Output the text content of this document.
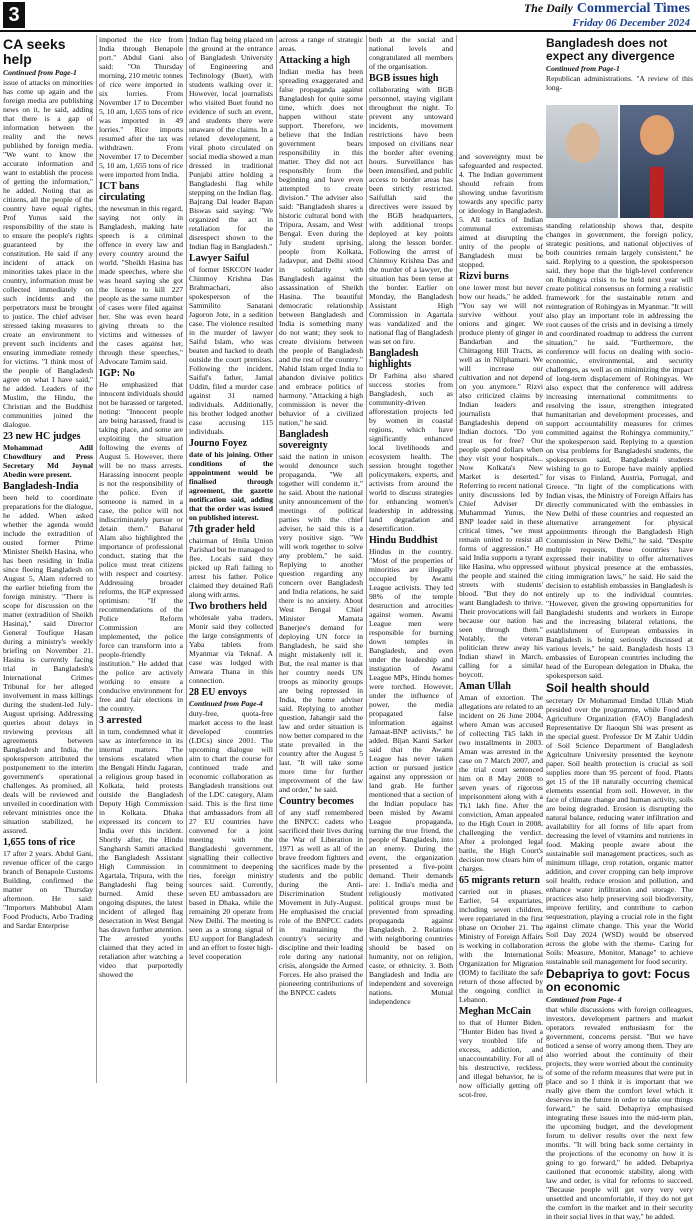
3	The Daily Commercial Times
Friday 06 December 2024
CA seeks help

Continued from Page-1

issue of attacks on minorities has come up again and the foreign media are publishing news on it, he said, adding that there is a gap of information between the reality and the news published by foreign media. "We want to know the accurate information and want to establish the process of getting the information," he added. Noting that as citizens, all the people of the country have equal rights, Prof Yunus said the responsibility of the state is to ensure the people's rights guaranteed by the constitution. He said if any incident of attack on minorities takes place in the country, information must be collected immediately on such incidents and the perpetrators must be brought to justice. The chief adviser stressed taking measures to create an environment to prevent such incidents and ensuring immediate remedy for victims. "I think most of the people of Bangladesh agree on what I have said," he added. Leaders of the Muslim, the Hindu, the Christian and the Buddhist communities joined the dialogue.

23 new HC judges

Mohammad Adil Chowdhury and Press Secretary Md Joynal Abedin were present.

Bangladesh-India

been held to coordinate preparations for the dialogue, he added. When asked whether the agenda would include the extradition of ousted former Prime Minister Sheikh Hasina, who has been residing in India since fleeing Bangladesh on August 5, Alam referred to the earlier briefing from the foreign ministry. "There is scope for discussion on the matter (extradition of Sheikh Hasina)," said Director General Toufique Hasan during a ministry's weekly briefing on November 21. Hasina is currently facing trial in Bangladesh's International Crimes Tribunal for her alleged involvement in mass killings during the student-led July-August uprising. Addressing queries about delays in reviewing previous all agreements between Bangladesh and India, the spokesperson attributed the postponement to the interim government's operational challenges. As promised, all deals will be reviewed and unveiled in coordination with relevant ministries once the situation stabilized, he assured.

1,655 tons of rice

17 after 2 years. Abdul Gani, revenue officer of the cargo branch of Benapole Customs Building, confirmed the matter on Thursday afternoon. He said: "Importers Mahbubul Alam Food Products, Arbo Trading and Sardar Enterprise

imported the rice from India through Benapole port." Abdul Gani also said: "On Thursday morning, 210 metric tonnes of rice were imported in six lorries. From November 17 to December 5, 10 am, 1,655 tons of rice was imported in 49 lorries." Rice imports resumed after the tax was withdrawn. From November 17 to December 5, 10 am, 1,655 tons of rice were imported from India.

ICT bans circulating

the newsman in this regard, saying not only in Bangladesh, making hate speech is a criminal offence in every law and every country around the world. "Sheikh Hasina has made speeches, where she was heard saying she got the license to kill 227 people as the same number of cases were filed against her. She was even heard giving threats to the victims and witnesses of the cases against her, through these speeches," Advocate Tamim said.

IGP: No

He emphasized that innocent individuals should not be harassed or targeted, noting: "Innocent people are being harassed, fraud is taking place, and some are exploiting the situation following the events of August 5. However, there will be no mass arrests. Harassing innocent people is not the responsibility of the police. Even if someone is named in a case, the police will not indiscriminately pursue or detain them." Baharul Alam also highlighted the importance of professional conduct, stating that the police must treat citizens with respect and courtesy. Addressing broader reforms, the IGP expressed optimism: "If the recommendations of the Police Reform Commission are implemented, the police force can transform into a people-friendly institution." He added that the police are actively working to ensure a conducive environment for free and fair elections in the country.

3 arrested

in turn, condemned what it saw as interference in its internal matters. The tensions escalated when the Bengali Hindu Jagaran, a religious group based in Kolkata, held protests outside the Bangladesh Deputy High Commission in Kolkata. Dhaka expressed its concern to India over this incident. Shortly after, the Hindu Sangharsh Samiti attacked the Bangladesh Assistant High Commission in Agartala, Tripura, with the Bangladeshi flag being burned. Amid these ongoing disputes, the latest incident of alleged flag desecration in West Bengal has drawn further attention. The arrested youths claimed that they acted in retaliation after watching a video that purportedly showed the

Indian flag being placed on the ground at the entrance of Bangladesh University of Engineering and Technology (Buet), with students walking over it. However, local journalists who visited Buet found no evidence of such an event, and students there were unaware of the claims. In a related development, a viral photo circulated on social media showed a man dressed in traditional Punjabi attire holding a Bangladeshi flag while stepping on the Indian flag. Bajrang Dal leader Bapan Biswas said saying: "We organized the act in retaliation for the disrespect shown to the Indian flag in Bangladesh."

Lawyer Saiful

of former ISKCON leader Chinmoy Krishna Das Brahmachari, also spokesperson of the Sammilito Sanatani Jagoron Jote, in a sedition case. The violence resulted in the murder of lawyer Saiful Islam, who was beaten and hacked to death outside the court premises. Following the incident, Saiful's father, Jamal Uddin, filed a murder case against 31 named individuals. Additionally, his brother lodged another case accusing 115 individuals.

Journo Foyez

date of his joining. Other conditions of the appointment would be finalised through agreement, the gazette notification said, adding that the order was issued on published interest.

7th grader held

chairman of Hnila Union Parishad but he managed to flee. Locals said they picked up Rafi failing to arrest his father. Police claimed they detained Rafi along with arms.

Two brothers held

wholesale yaba traders, Monir said they collected the large consignments of Yaba tablets from Myanmar via Teknaf. A case was lodged with Anwara Thana in this connection.

28 EU envoys

Continued from Page-4

duty-free, quota-free market access to the least developed countries (LDCs) since 2001. The upcoming dialogue will aim to chart the course for continued trade and economic collaboration as Bangladesh transitions out of the LDC category, Alam said. This is the first time that ambassadors from all 27 EU countries have convened for a joint meeting with the Bangladeshi government, signalling their collective commitment to deepening ties, foreign ministry sources said. Currently, seven EU ambassadors are based in Dhaka, while the remaining 20 operate from New Delhi. The meeting is seen as a strong signal of EU support for Bangladesh and an effort to foster high-level cooperation

across a range of strategic areas.

Attacking a high

Indian media has been spreading exaggerated and false propaganda against Bangladesh for quite some time, which does not happen without state support. Therefore, we believe that the Indian government bears responsibility in this matter. They did not act responsibly from the beginning and have even attempted to create division." The adviser also said: "Bangladesh shares a historic cultural bond with Tripura, Assam, and West Bengal. Even during the July student uprising, people from Kolkata, Jadavpur, and Delhi stood in solidarity with Bangladesh against the assassination of Sheikh Hasina. The beautiful democratic relationship between Bangladesh and India is something many do not want; they seek to create divisions between the people of Bangladesh and the rest of the country." Nahid Islam urged India to abandon divisive politics and embrace politics of harmony. "Attacking a high commission is never the behavior of a civilized nation," he said.

Bangladesh sovereignty

said the nation in unison would denounce such propaganda. "We all together will condemn it," he said. About the national unity announcement of the meetings of political parties with the chief adviser, he said this is a very positive sign. "We will work together to solve any problem," he said. Replying to another question regarding any concern over Bangladesh and India relations, he said there is no anxiety. About West Bengal Chief Minister Mamata Banerjee's demand for deploying UN force in Bangladesh, he said she might mistakenly tell it. But, the real matter is that her country needs UN troops as minority groups are being repressed in India, the home adviser said. Replying to another question, Jahangir said the law and order situation is now better compared to the state prevailed in the country after the August 5 last. "It will take some more time for further improvement of the law and order," he said.

Country becomes

of any staff remembered the BNPCC cadets who sacrificed their lives during the War of Liberation in 1971 as well as all of the brave freedom fighters and the sacrifices made by the students and the public during the Anti-Discrimination Student Movement in July-August. He emphasised the crucial role of the BNPCC cadets in maintaining the country's security and discipline and their leading role during any national crisis, alongside the Armed Forces. He also praised the pioneering contributions of the BNPCC cadets

both at the social and national levels and congratulated all members of the organisation.

BGB issues high

collaborating with BGB personnel, staying vigilant throughout the night. To prevent any untoward incidents, movement restrictions have been imposed on civilians near the border after evening hours. Surveillance has been intensified, and public access to border areas has been strictly restricted. Saifullah said the directives were issued by the BGB headquarters, with additional troops deployed at key points along the lesson border. Following the arrest of Chinmoy Krishna Das and the murder of a lawyer, the situation has been tense at the border. Earlier on Monday, the Bangladesh Assistant High Commission in Agartala was vandalized and the national flag of Bangladesh was set on fire.

Bangladesh highlights

Dr Farhina also shared success stories from Bangladesh, such as community-driven afforestation projects led by women in coastal regions, which have significantly enhanced local livelihoods and ecosystem health. The session brought together policymakers, experts, and activists from around the world to discuss strategies for enhancing women's leadership in addressing land degradation and desertification.

Hindu Buddhist

Hindus in the country. "Most of the properties of minorities are illegally occupied by Awami League activists. They led 98% of the temple destruction and atrocities against women. Awami League men were responsible for burning down temples in Bangladesh, and even under the leadership and instigation of Awami League MPs, Hindu homes were torched. However, under the influence of power, the media propagated false information against Jamaat-BNP activists," he added. Bijan Kanti Sarker said that the Awami League has never taken action or pursued justice against any oppression or land grab. He further mentioned that a section of the Indian populace has been misled by Awami League propaganda, turning the true friend, the people of Bangladesh, into an enemy. During the event, the organization presented a five-point demand. Their demands are: 1. India's media and religiously motivated political groups must be prevented from spreading propaganda against Bangladesh. 2. Relations with neighboring countries should be based on humanity, not on religion, caste, or ethnicity. 3. Both Bangladesh and India are independent and sovereign nations. Mutual independence

and sovereignty must be safeguarded and respected. 4. The Indian government should refrain from showing undue favoritism towards any specific party or ideology in Bangladesh. 5. All tactics of Indian communal extremists aimed at disrupting the unity of the people of Bangladesh must be stopped.

Rizvi burns

one lower most but never bow our heads," he added. "You say we will not survive without your onions and ginger. We produce plenty of ginger in Bandarban and the Chittagong Hill Tracts, as well as in Nilphamari. We will increase our cultivation and not depend on you anymore." Rizvi also criticized claims by Indian leaders and journalists that Bangladeshis depend on Indian doctors. "Do you treat us for free? Our people spend dollars when they visit your hospitals... Now Kolkata's New Market is deserted." Referring to recent national unity discussions led by Chief Adviser Dr Muhammad Yunus, the BNP leader said in these critical times, "we must remain united to resist all forms of aggression." He said India supports a tyrant like Hasina, who oppressed the people and stained the streets with students' blood. "But they do not want Bangladesh to thrive. Their provocations will fail because our nation has seen through them." Notably, the veteran politician threw away his Indian shawl in March, calling for a similar boycott.

Aman Ullah

Aman of extortion. The allegations are related to an incident on 26 June 2004, where Aman was accused of collecting Tk5 lakh in two installments in 2003. Aman was arrested in the case on 7 March 2007, and the trial court sentenced him on 8 May 2008 to seven years of rigorous imprisonment along with a Tk1 lakh fine. After the conviction, Aman appealed to the High Court in 2008, challenging the verdict. After a prolonged legal battle, the High Court's decision now clears him of charges.

65 migrants return

carried out in phases. Earlier, 54 expatriates, including seven children, were repatriated in the first phase on October 21. The Ministry of Foreign Affairs is working in collaboration with the International Organization for Migration (IOM) to facilitate the safe return of those affected by the ongoing conflict in Lebanon.

Meghan McCain

to that of Hunter Biden. "Hunter Biden has lived a very troubled life of excess, addiction, and unaccountability. For all of his destructive, reckless, and illegal behavior, he is now officially getting off scot-free.

Bangladesh does not expect any divergence

Continued from Page-1

Republican administrations. "A review of this long-

standing relationship shows that, despite changes in government, the foreign policy, strategic positions, and national objectives of both countries remain largely consistent," he said. Replying to a question, the spokesperson said, they hope that the high-level conference on Rohingya crisis to be held next year will create political consensus on forming a realistic framework for the sustainable return and reintegration of Rohingyas in Myanmar. "It will also play an important role in addressing the root causes of the crisis and in devising a timely and coordinated roadmap to address the current situation," he said. "Furthermore, the conference will focus on dealing with socio-economic, environmental, and security challenges, as well as on minimizing the impact of long-term displacement of Rohingyas. We also expect that the conference will address increasing international commitments to resolving the issue, strengthen integrated humanitarian and development processes, and support accountability measures for crimes committed against the Rohingya community," the spokesperson said. Replying to a question on visa problems for Bangladeshi students, the spokesperson said, Bangladeshi students wishing to go to Europe have mainly applied for visas to Finland, Austria, Portugal, and Greece. "In light of the complications with Indian visas, the Ministry of Foreign Affairs has directly communicated with the embassies in New Delhi of these countries and requested an alternative arrangement for physical appointments through the Bangladesh High Commission in New Delhi," he said. "Despite multiple requests, these countries have expressed their inability to offer alternatives without physical presence at the embassies, citing immigration laws," he said. He said the decision to establish embassies in Bangladesh is entirely up to the individual countries. "However, given the growing opportunities for Bangladeshi students and workers in Europe and the increasing bilateral relations, the establishment of European embassies in Bangladesh is being seriously discussed at various levels," he said. Bangladesh hosts 13 embassies of European countries including the head of the European delegation in Dhaka, the spokesperson said.

Soil health should

secretary Dr Mohammad Emdad Ullah Miah presided over the programme, while Food and Agriculture Organization (FAO) Bangladesh Representative Dr Jiaoqun Shi was present as the special guest. Professor Dr M Zahir Uddin of Soil Science Department of Bangladesh Agriculture University presented the keynote paper. Soil health protection is crucial as soil supplies more than 95 percent of food. Plants get 15 of the 18 naturally occurring chemical elements essential from soil. However, in the face of climate change and human activity, soils are being degraded. Erosion is disrupting the natural balance, reducing water infiltration and availability for all forms of life apart from decreasing the level of vitamins and nutrients in food. Making people aware about the sustainable soil management practices, such as minimum tillage, crop rotation, organic matter addition, and cover cropping can help improve soil health, reduce erosion and pollution, and enhance water infiltration and storage. The practices also help preserving soil biodiversity, improve fertility, and contribute to carbon sequestration, playing a crucial role in the fight against climate change. This year the World Soil Day 2024 (WSD) would be observed across the globe with the theme- Caring for Soils: Measure, Monitor, Manage" to achieve sustainable soil management for food security.

Debapriya to govt: Focus on economic

Continued from Page- 4

that while discussions with foreign colleagues, investors, development partners and market operators revealed enthusiasm for the government, concerns persist. "But we have noticed a sense of worry among them. They are also worried about the continuity of their projects, they were worried about the continuity of some of the reform measures that were put in place and so I think it is important that we really give them the comfort level which it deserves in the future in order to take our things forward," he said. Debapriya emphasised integrating these issues into the mid-term plan, the upcoming budget, and the development forum to deliver results over the next few months. "It will bring back some certainty in the projections of the economy on how it is going to go forward," he added. Debapriya cautioned that economic stability, along with law and order, is vital for reforms to succeed. "Because people will get very very very unsettled and uncomfortable, if they do not get the comfort in the market and in their security in their social lives in that way," he added.
